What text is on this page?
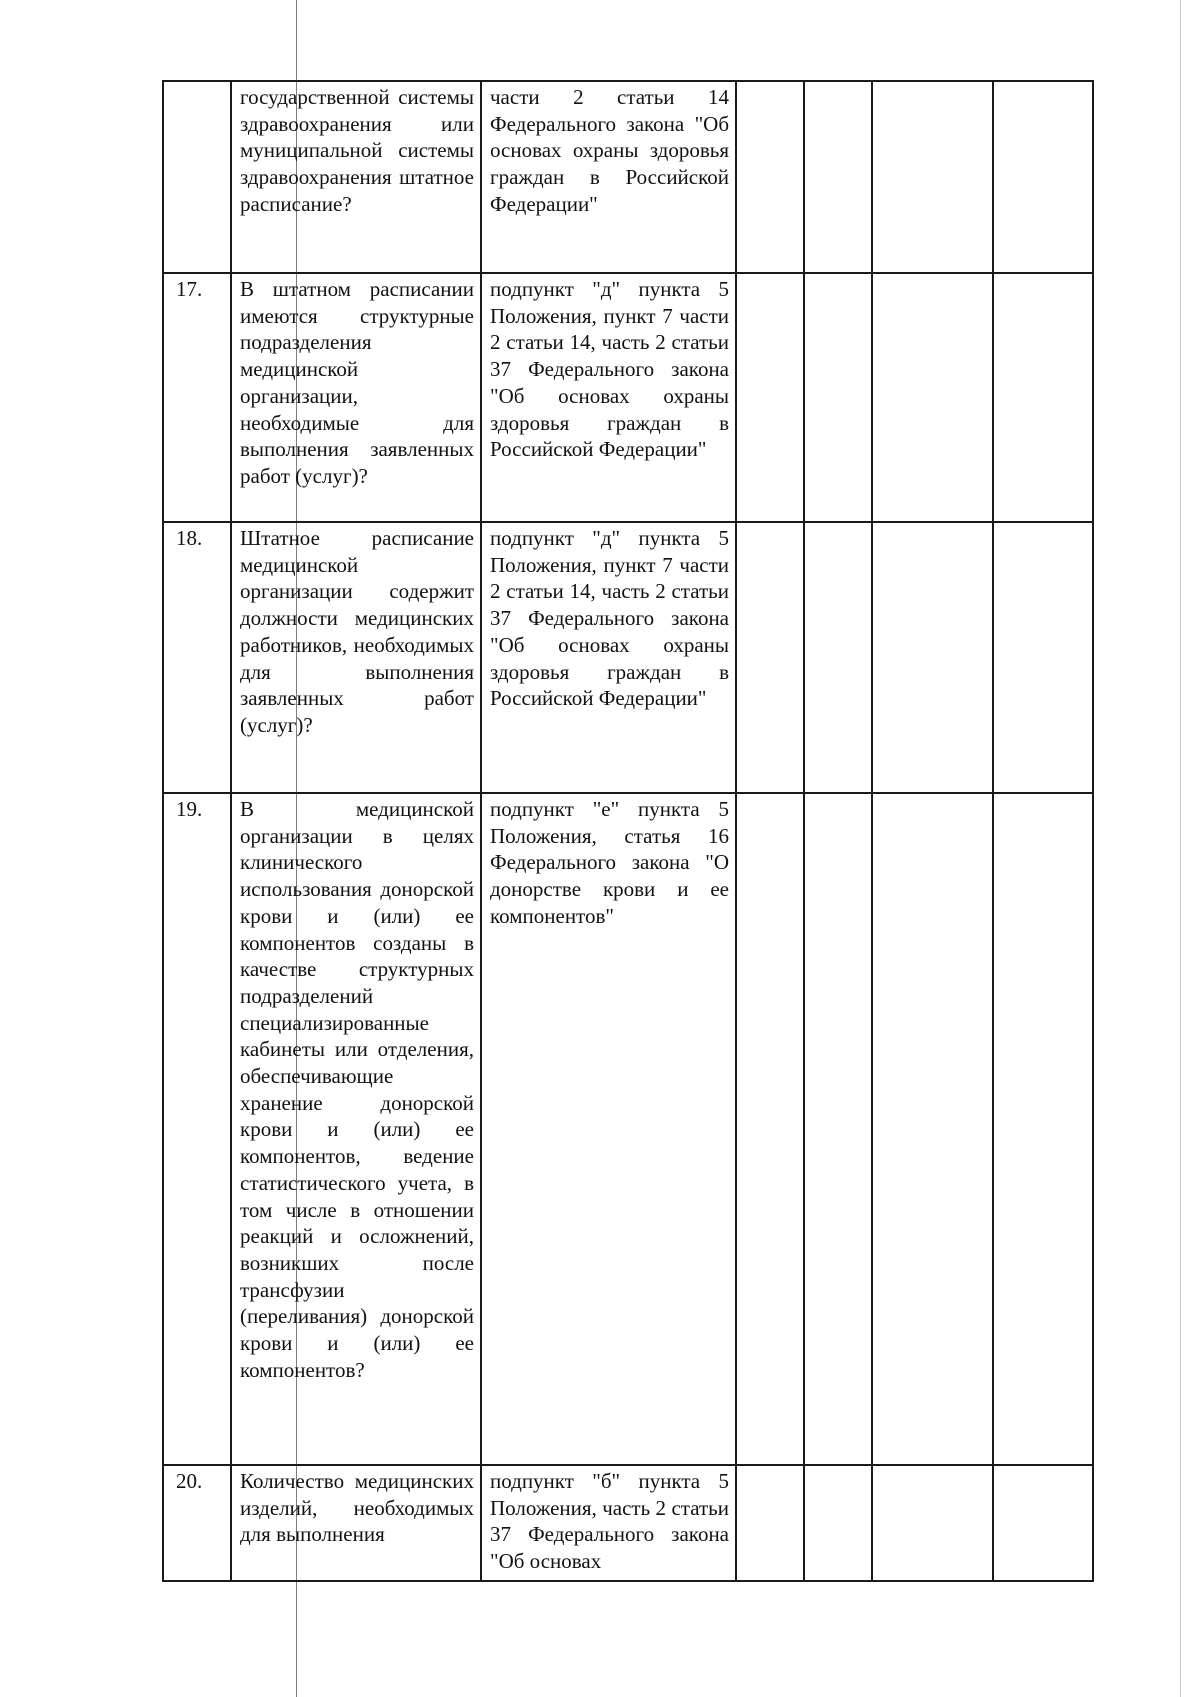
	государственной системы здравоохранения или муниципальной системы здравоохранения штатное расписание?	части 2 статьи 14 Федерального закона "Об основах охраны здоровья граждан в Российской Федерации"				
17.	В штатном расписании имеются структурные подразделения медицинской организации, необходимые для выполнения заявленных работ (услуг)?	подпункт "д" пункта 5 Положения, пункт 7 части 2 статьи 14, часть 2 статьи 37 Федерального закона "Об основах охраны здоровья граждан в Российской Федерации"				
18.	Штатное расписание медицинской организации содержит должности медицинских работников, необходимых для выполнения заявленных работ (услуг)?	подпункт "д" пункта 5 Положения, пункт 7 части 2 статьи 14, часть 2 статьи 37 Федерального закона "Об основах охраны здоровья граждан в Российской Федерации"				
19.	В медицинской организации в целях клинического использования донорской крови и (или) ее компонентов созданы в качестве структурных подразделений специализированные кабинеты или отделения, обеспечивающие хранение донорской крови и (или) ее компонентов, ведение статистического учета, в том числе в отношении реакций и осложнений, возникших после трансфузии (переливания) донорской крови и (или) ее компонентов?	подпункт "е" пункта 5 Положения, статья 16 Федерального закона "О донорстве крови и ее компонентов"				
20.	Количество медицинских изделий, необходимых для выполнения	подпункт "б" пункта 5 Положения, часть 2 статьи 37 Федерального закона "Об основах				
